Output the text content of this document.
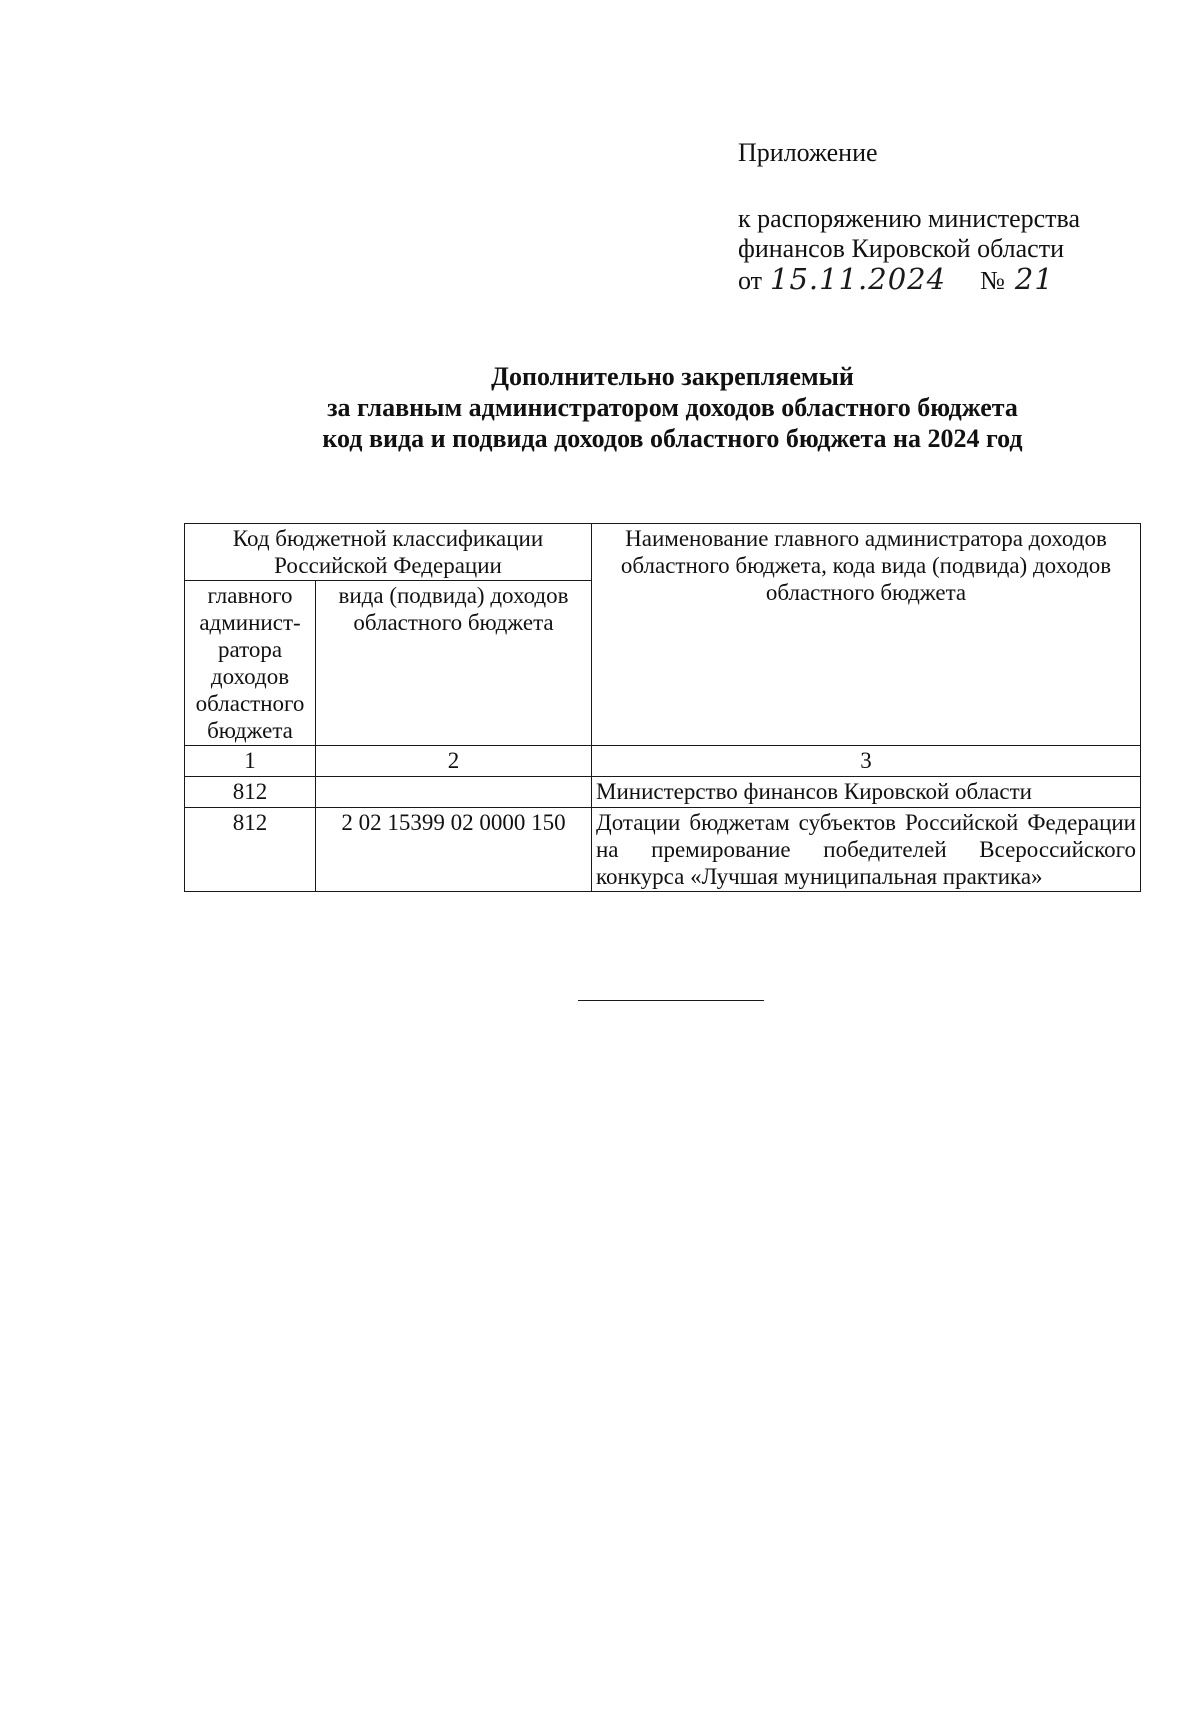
Приложение
к распоряжению министерства
финансов Кировской области
от 15.11.2024 № 21
Дополнительно закрепляемый
за главным администратором доходов областного бюджета
код вида и подвида доходов областного бюджета на 2024 год
Код бюджетной классификации Российской Федерации		Наименование главного администратора доходов областного бюджета, кода вида (подвида) доходов областного бюджета
главного админист-ратора доходов областного бюджета	вида (подвида) доходов областного бюджета	
1	2	3
812		Министерство финансов Кировской области
812	2 02 15399 02 0000 150	Дотации бюджетам субъектов Российской Федерации на премирование победителей Всероссийского конкурса «Лучшая муниципальная практика»
